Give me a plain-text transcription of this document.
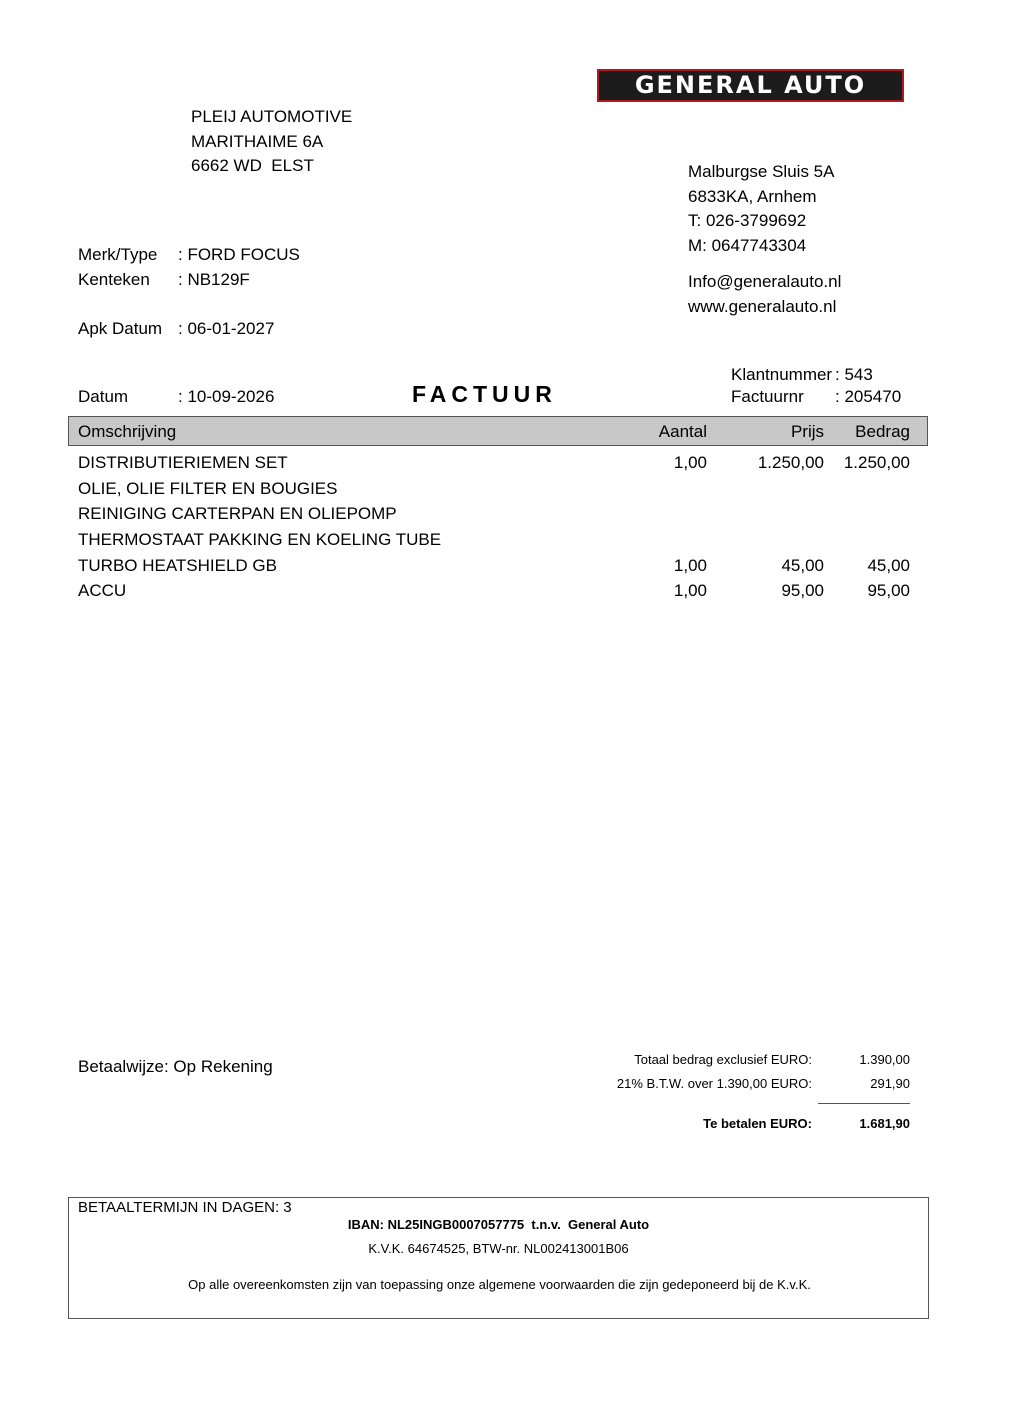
GENERAL AUTO
PLEIJ AUTOMOTIVE
MARITHAIME 6A
6662 WD  ELST	Malburgse Sluis 5A
6833KA, Arnhem
T: 026-3799692
M: 0647743304
Info@generalauto.nl
www.generalauto.nl
Merk/Type : FORD FOCUS
Kenteken : NB129F
Apk Datum : 06-01-2027
Datum	: 10-09-2026	FACTUUR
Klantnummer : 543
Factuurnr : 205470
Omschrijving	Aantal	Prijs Bedrag
DISTRIBUTIERIEMEN SET	1,00	1.250,00 1.250,00
OLIE, OLIE FILTER EN BOUGIES
REINIGING CARTERPAN EN OLIEPOMP
THERMOSTAAT PAKKING EN KOELING TUBE
TURBO HEATSHIELD GB	1,00	45,00	45,00
ACCU	1,00	95,00	95,00
Betaalwijze: Op Rekening	Totaal bedrag exclusief EURO:	1.390,00
21% B.T.W. over 1.390,00 EURO:	291,90
Te betalen EURO:	1.681,90
BETAALTERMIJN IN DAGEN: 3
IBAN: NL25INGB0007057775  t.n.v.  General Auto
K.V.K. 64674525, BTW-nr. NL002413001B06
Op alle overeenkomsten zijn van toepassing onze algemene voorwaarden die zijn gedeponeerd bij de K.v.K.
